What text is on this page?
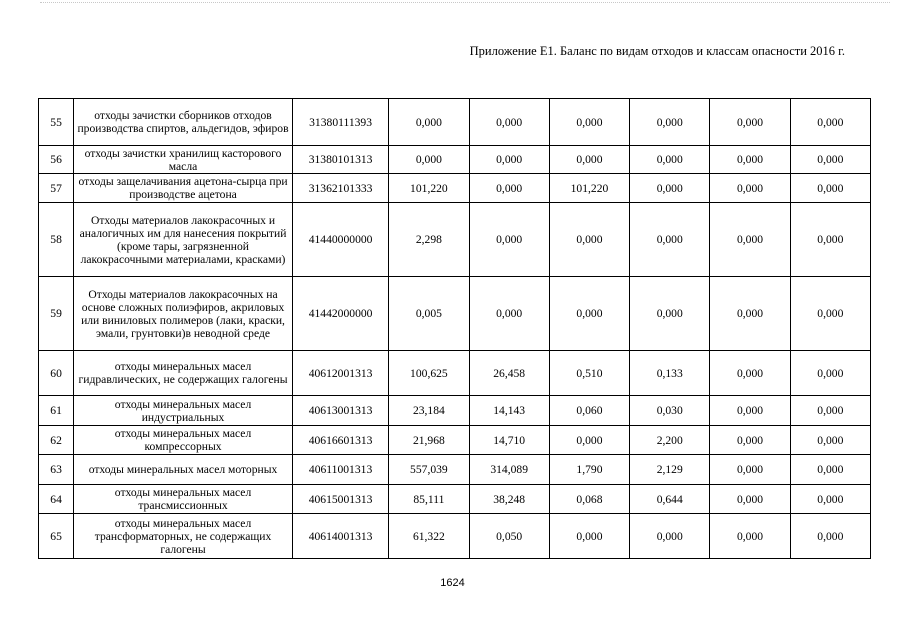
Приложение Е1. Баланс по видам отходов и классам опасности 2016 г.
55	отходы зачистки сборников отходов производства спиртов, альдегидов, эфиров	31380111393	0,000	0,000	0,000	0,000	0,000	0,000
56	отходы зачистки хранилищ касторового масла	31380101313	0,000	0,000	0,000	0,000	0,000	0,000
57	отходы защелачивания ацетона-сырца при производстве ацетона	31362101333	101,220	0,000	101,220	0,000	0,000	0,000
58	Отходы материалов лакокрасочных и аналогичных им для нанесения покрытий (кроме тары, загрязненной лакокрасочными материалами, красками)	41440000000	2,298	0,000	0,000	0,000	0,000	0,000
59	Отходы материалов лакокрасочных на основе сложных полиэфиров, акриловых или виниловых полимеров (лаки, краски, эмали, грунтовки)в неводной среде	41442000000	0,005	0,000	0,000	0,000	0,000	0,000
60	отходы минеральных масел гидравлических, не содержащих галогены	40612001313	100,625	26,458	0,510	0,133	0,000	0,000
61	отходы минеральных масел индустриальных	40613001313	23,184	14,143	0,060	0,030	0,000	0,000
62	отходы минеральных масел компрессорных	40616601313	21,968	14,710	0,000	2,200	0,000	0,000
63	отходы минеральных масел моторных	40611001313	557,039	314,089	1,790	2,129	0,000	0,000
64	отходы минеральных масел трансмиссионных	40615001313	85,111	38,248	0,068	0,644	0,000	0,000
65	отходы минеральных масел трансформаторных, не содержащих галогены	40614001313	61,322	0,050	0,000	0,000	0,000	0,000
1624
